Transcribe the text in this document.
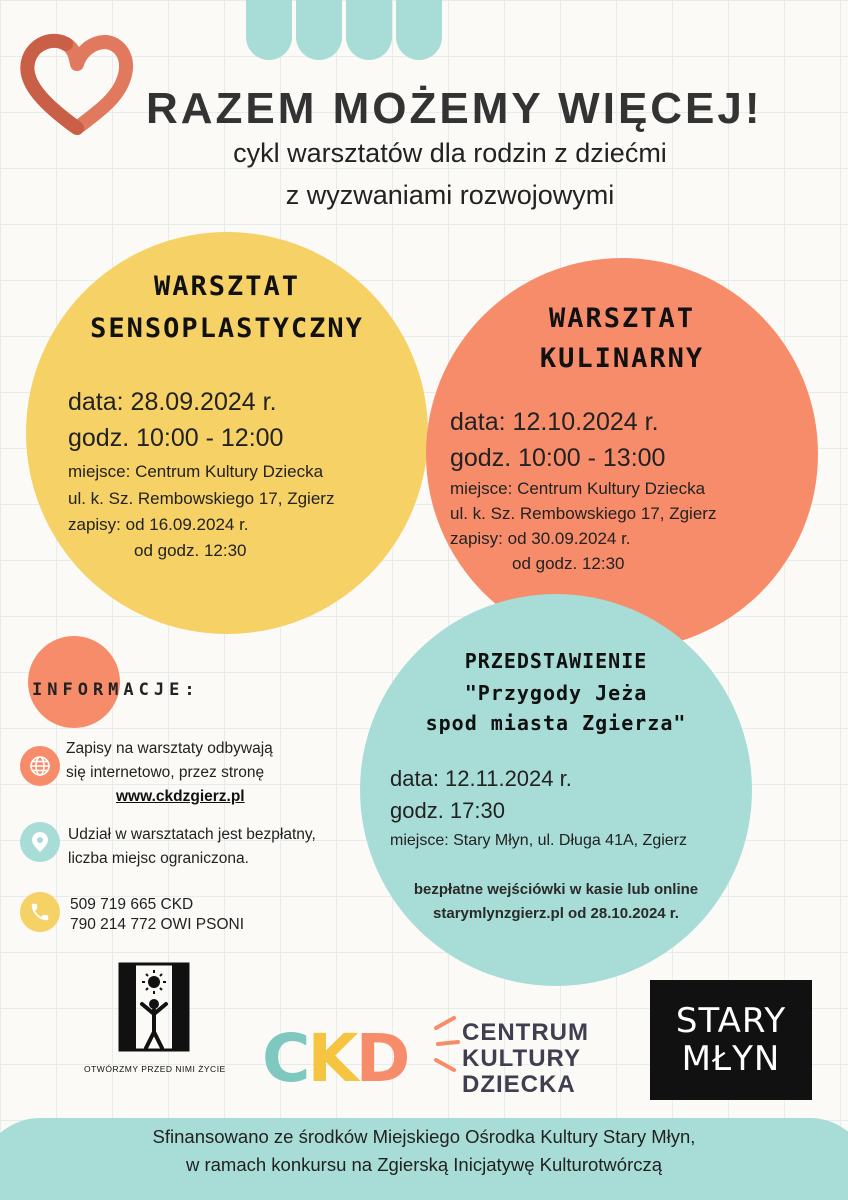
RAZEM MOŻEMY WIĘCEJ!
cykl warsztatów dla rodzin z dziećmi
z wyzwaniami rozwojowymi
WARSZTAT
SENSOPLASTYCZNY
data: 28.09.2024 r.
godz. 10:00 - 12:00
miejsce: Centrum Kultury Dziecka
ul. k. Sz. Rembowskiego 17, Zgierz
zapisy: od 16.09.2024 r.
od godz. 12:30
WARSZTAT
KULINARNY
data: 12.10.2024 r.
godz. 10:00 - 13:00
miejsce: Centrum Kultury Dziecka
ul. k. Sz. Rembowskiego 17, Zgierz
zapisy: od 30.09.2024 r.
od godz. 12:30
PRZEDSTAWIENIE
"Przygody Jeża
spod miasta Zgierza"
data: 12.11.2024 r.
godz. 17:30
miejsce: Stary Młyn, ul. Długa 41A, Zgierz
bezpłatne wejściówki w kasie lub online
starymlynzgierz.pl od 28.10.2024 r.
INFORMACJE:
Zapisy na warsztaty odbywają
się internetowo, przez stronę
www.ckdzgierz.pl
Udział w warsztatach jest bezpłatny,
liczba miejsc ograniczona.
509 719 665 CKD
790 214 772 OWI PSONI
OTWÓRZMY PRZED NIMI ŻYCIE CKD CENTRUM
KULTURY
DZIECKA
STARY
MŁYN
Sfinansowano ze środków Miejskiego Ośrodka Kultury Stary Młyn,
w ramach konkursu na Zgierską Inicjatywę Kulturotwórczą
